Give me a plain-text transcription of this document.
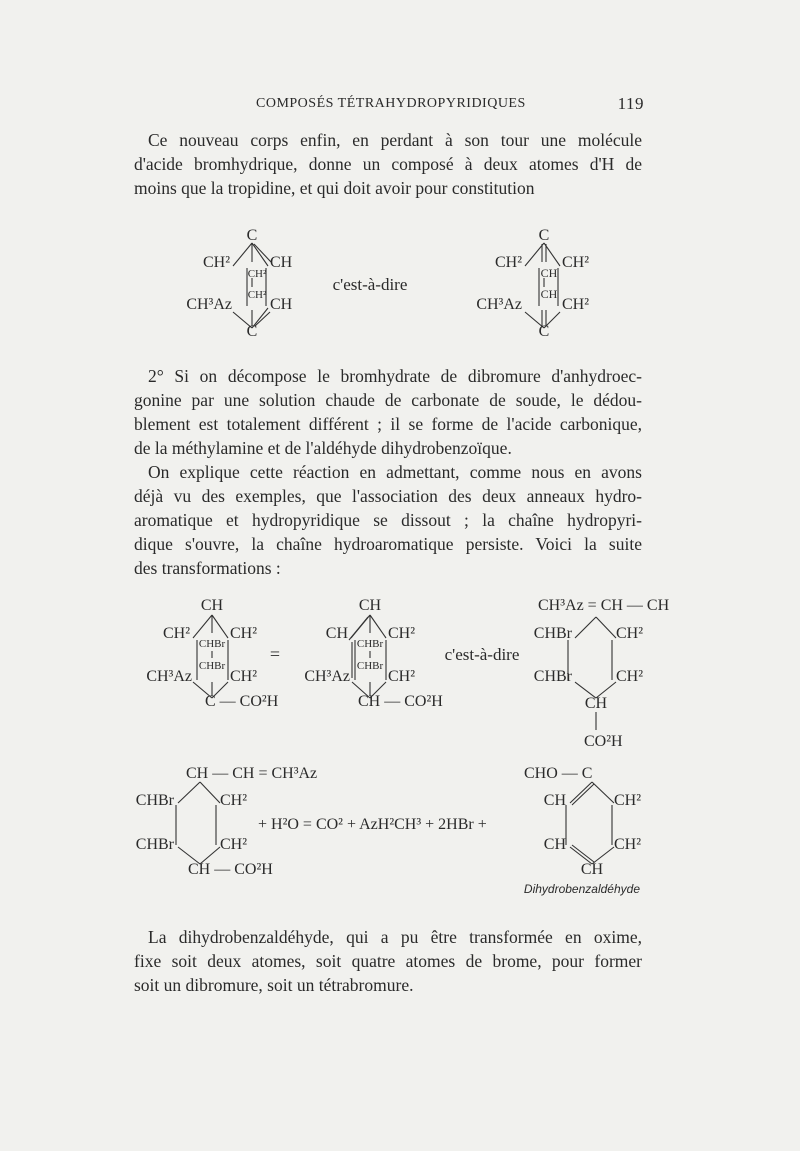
COMPOSÉS TÉTRAHYDROPYRIDIQUES	119
Ce nouveau corps enfin, en perdant à son tour une molécule
d'acide bromhydrique, donne un composé à deux atomes d'H de
moins que la tropidine, et qui doit avoir pour constitution
2° Si on décompose le bromhydrate de dibromure d'anhydroec-
gonine par une solution chaude de carbonate de soude, le dédou-
blement est totalement différent ; il se forme de l'acide carbonique,
de la méthylamine et de l'aldéhyde dihydrobenzoïque.
On explique cette réaction en admettant, comme nous en avons
déjà vu des exemples, que l'association des deux anneaux hydro-
aromatique et hydropyridique se dissout ; la chaîne hydropyri-
dique s'ouvre, la chaîne hydroaromatique persiste. Voici la suite
des transformations :
La dihydrobenzaldéhyde, qui a pu être transformée en oxime,
fixe soit deux atomes, soit quatre atomes de brome, pour former
soit un dibromure, soit un tétrabromure.
C
CH²	CH
CH²
CH²
CH³Az CH
C
c'est-à-dire
C
CH²	CH²
CH
CH
CH³Az	CH²
C
CH
CH²	CH²
CHBr
CHBr
CH³Az CH²
C — CO²H
=
CH
CH	CH²
CHBr
CHBr
CH³Az CH²
CH — CO²H
c'est-à-dire
CH³Az = CH — CH
CHBr	CH²
CHBr	CH²
CH
CO²H
CH — CH = CH³Az
CHBr	CH²
CHBr	CH²
CH — CO²H
+ H²O = CO² + AzH²CH³ + 2HBr +
CHO — C
CH	CH²
CH	CH²
CH
Dihydrobenzaldéhyde
